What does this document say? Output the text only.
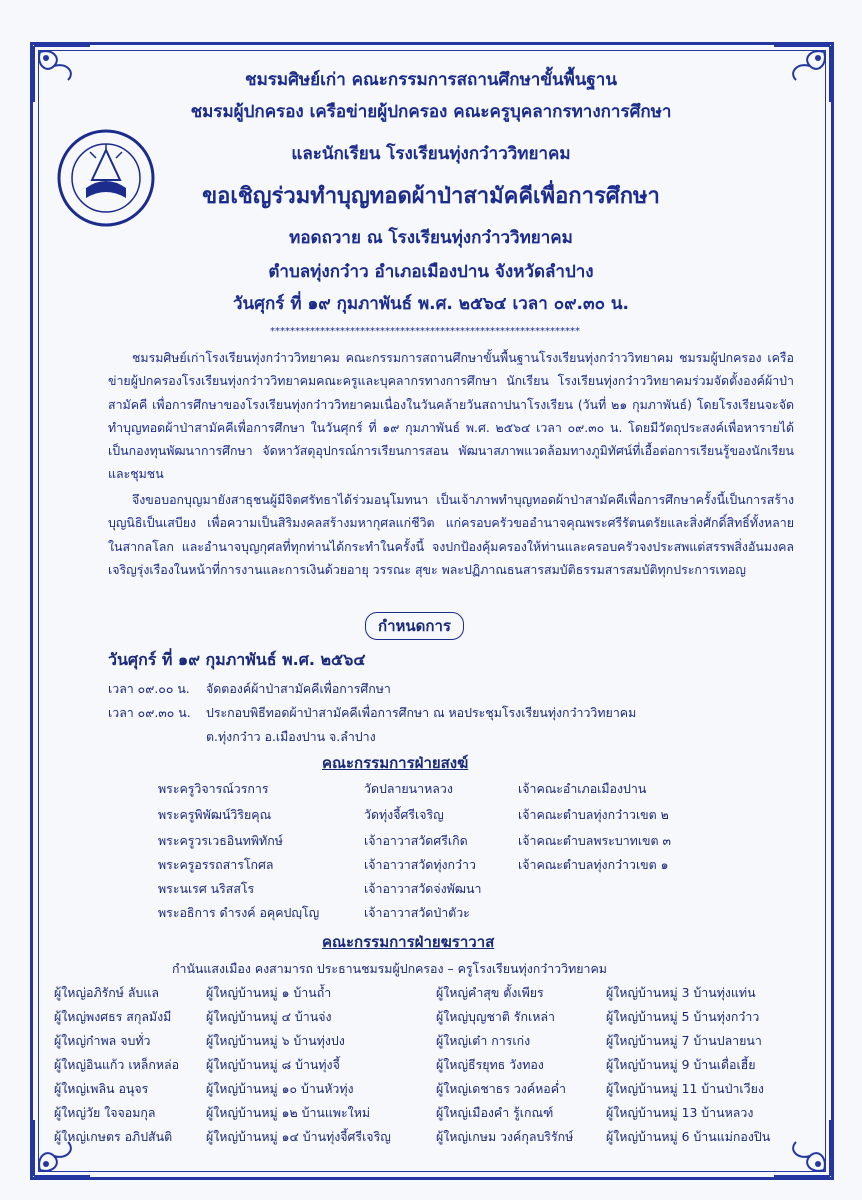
ชมรมศิษย์เก่า คณะกรรมการสถานศึกษาขั้นพื้นฐาน
ชมรมผู้ปกครอง เครือข่ายผู้ปกครอง คณะครูบุคลากรทางการศึกษา
และนักเรียน โรงเรียนทุ่งกว๋าววิทยาคม
ขอเชิญร่วมทำบุญทอดผ้าป่าสามัคคีเพื่อการศึกษา
ทอดถวาย ณ โรงเรียนทุ่งกว๋าววิทยาคม
ตำบลทุ่งกว๋าว อำเภอเมืองปาน จังหวัดลำปาง
วันศุกร์ ที่ ๑๙ กุมภาพันธ์ พ.ศ. ๒๕๖๔ เวลา ๐๙.๓๐ น.
**************************************************************
ชมรมศิษย์เก่าโรงเรียนทุ่งกว๋าววิทยาคม คณะกรรมการสถานศึกษาขั้นพื้นฐานโรงเรียนทุ่งกว๋าววิทยาคม ชมรมผู้ปกครอง เครือข่ายผู้ปกครองโรงเรียนทุ่งกว๋าววิทยาคมคณะครูและบุคลากรทางการศึกษา นักเรียน โรงเรียนทุ่งกว๋าววิทยาคมร่วมจัดตั้งองค์ผ้าป่าสามัคคี เพื่อการศึกษาของโรงเรียนทุ่งกว๋าววิทยาคมเนื่องในวันคล้ายวันสถาปนาโรงเรียน (วันที่ ๒๑ กุมภาพันธ์) โดยโรงเรียนจะจัดทำบุญทอดผ้าป่าสามัคคีเพื่อการศึกษา ในวันศุกร์ ที่ ๑๙ กุมภาพันธ์ พ.ศ. ๒๕๖๔ เวลา ๐๙.๓๐ น. โดยมีวัตถุประสงค์เพื่อหารายได้เป็นกองทุนพัฒนาการศึกษา จัดหาวัสดุอุปกรณ์การเรียนการสอน พัฒนาสภาพแวดล้อมทางภูมิทัศน์ที่เอื้อต่อการเรียนรู้ของนักเรียนและชุมชน
จึงขอบอกบุญมายังสาธุชนผู้มีจิตศรัทธาได้ร่วมอนุโมทนา เป็นเจ้าภาพทำบุญทอดผ้าป่าสามัคคีเพื่อการศึกษาครั้งนี้เป็นการสร้างบุญนิธิเป็นเสบียง เพื่อความเป็นสิริมงคลสร้างมหากุศลแก่ชีวิต แก่ครอบครัวขออำนาจคุณพระศรีรัตนตรัยและสิ่งศักดิ์สิทธิ์ทั้งหลายในสากลโลก และอำนาจบุญกุศลที่ทุกท่านได้กระทำในครั้งนี้ จงปกป้องคุ้มครองให้ท่านและครอบครัวจงประสพแต่สรรพสิ่งอันมงคลเจริญรุ่งเรืองในหน้าที่การงานและการเงินด้วยอายุ วรรณะ สุขะ พละปฏิภาณธนสารสมบัติธรรมสารสมบัติทุกประการเทอญ
กำหนดการ
วันศุกร์ ที่ ๑๙ กุมภาพันธ์ พ.ศ. ๒๕๖๔
เวลา ๐๙.๐๐ น. จัดตองค์ผ้าป่าสามัคคีเพื่อการศึกษา
เวลา ๐๙.๓๐ น. ประกอบพิธีทอดผ้าป่าสามัคคีเพื่อการศึกษา ณ หอประชุมโรงเรียนทุ่งกว๋าววิทยาคม
ต.ทุ่งกว๋าว อ.เมืองปาน จ.ลำปาง
คณะกรรมการฝ่ายสงฆ์
พระครูวิจารณ์วรการ	วัดปลายนาหลวง	เจ้าคณะอำเภอเมืองปาน
พระครูพิพัฒน์วิริยคุณ	วัดทุ่งจี้ศรีเจริญ	เจ้าคณะตำบลทุ่งกว๋าวเขต ๒
พระครูวรเวธอินทพิทักษ์	เจ้าอาวาสวัดศรีเกิด	เจ้าคณะตำบลพระบาทเขต ๓
พระครูอรรถสารโกศล	เจ้าอาวาสวัดทุ่งกว๋าว	เจ้าคณะตำบลทุ่งกว๋าวเขต ๑
พระนเรศ นริสสโร	เจ้าอาวาสวัดจ่งพัฒนา
พระอธิการ ดำรงค์ อคุคปญฺโญ	เจ้าอาวาสวัดป่าตัวะ
คณะกรรมการฝ่ายฆราวาส
กำนันแสงเมือง คงสามารถ ประธานชมรมผู้ปกครอง – ครูโรงเรียนทุ่งกว๋าววิทยาคม
ผู้ใหญ่อภิรักษ์ ลับแล	ผู้ใหญ่บ้านหมู่ ๑ บ้านถ้ำ	ผู้ใหญ่คำสุข ตั้งเพียร	ผู้ใหญ่บ้านหมู่ 3 บ้านทุ่งแท่น
ผู้ใหญ่พงศธร สกุลมังมี	ผู้ใหญ่บ้านหมู่ ๔ บ้านจ่ง	ผู้ใหญ่บุญชาติ รักเหล่า	ผู้ใหญ่บ้านหมู่ 5 บ้านทุ่งกว๋าว
ผู้ใหญ่ก๋าพล จบทั่ว	ผู้ใหญ่บ้านหมู่ ๖ บ้านทุ่งปง	ผู้ใหญ่เต๋า การเก่ง	ผู้ใหญ่บ้านหมู่ 7 บ้านปลายนา
ผู้ใหญ่อินแก้ว เหล็กหล่อ ผู้ใหญ่บ้านหมู่ ๘ บ้านทุ่งจี้	ผู้ใหญ่ธีรยุทธ วังทอง	ผู้ใหญ่บ้านหมู่ 9 บ้านเดื่อเฮี้ย
ผู้ใหญ่เพลิน อนุจร	ผู้ใหญ่บ้านหมู่ ๑๐ บ้านหัวทุ่ง	ผู้ใหญ่เดชาธร วงค์หอค่ำ	ผู้ใหญ่บ้านหมู่ 11 บ้านป่าเวียง
ผู้ใหญ่วัย ใจจอมกุล	ผู้ใหญ่บ้านหมู่ ๑๒ บ้านแพะใหม่	ผู้ใหญ่เมืองคำ รู้เกณฑ์	ผู้ใหญ่บ้านหมู่ 13 บ้านหลวง
ผู้ใหญ่เกษตร อภิปสันติ	ผู้ใหญ่บ้านหมู่ ๑๔ บ้านทุ่งจี้ศรีเจริญ	ผู้ใหญ่เกษม วงค์กุลบริรักษ์	ผู้ใหญ่บ้านหมู่ 6 บ้านแม่กองปิน
